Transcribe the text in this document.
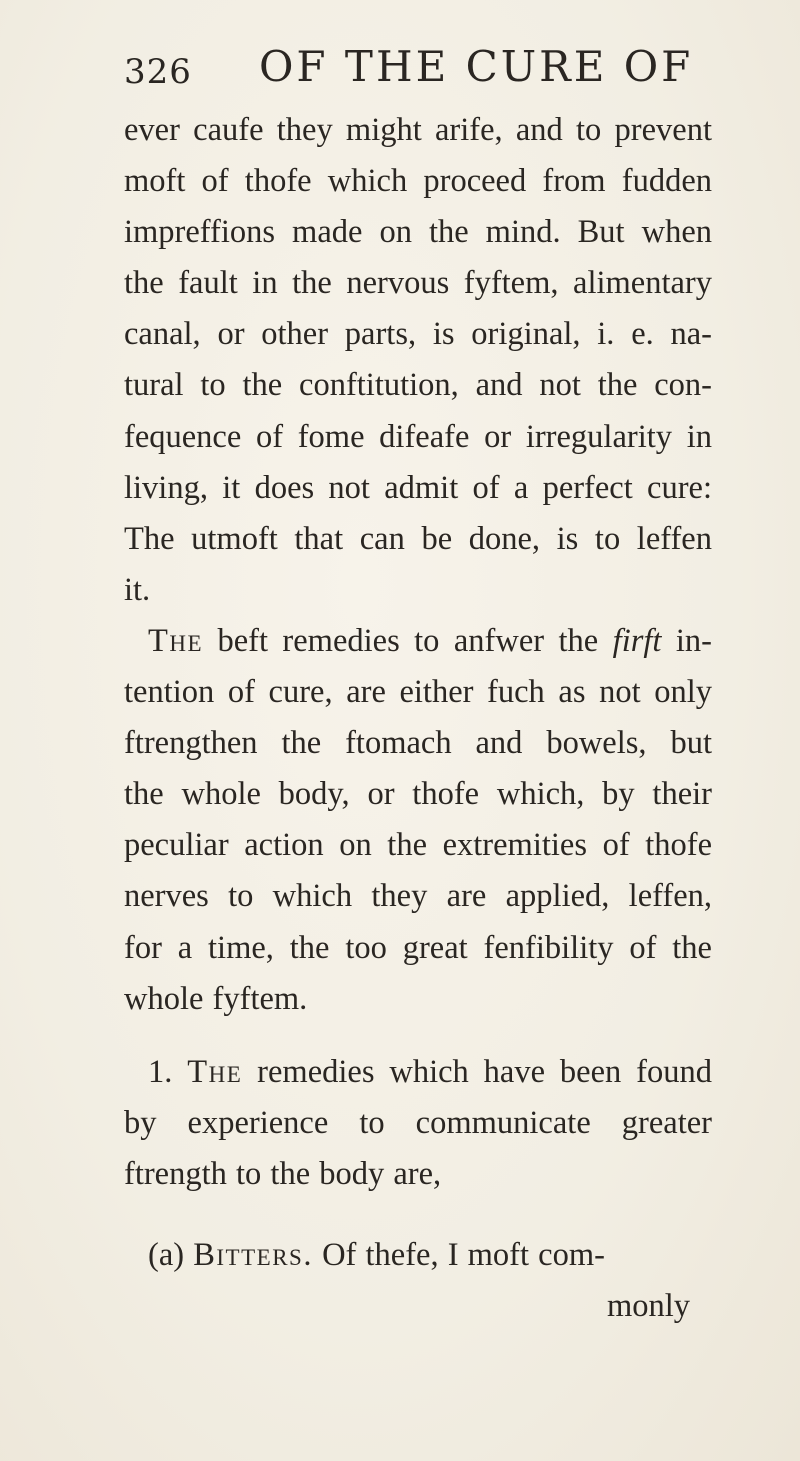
326 OF THE CURE OF
ever caufe they might arife, and to prevent
moft of thofe which proceed from fudden
impreffions made on the mind. But when
the fault in the nervous fyftem, alimentary
canal, or other parts, is original, i. e. na-
tural to the conftitution, and not the con-
fequence of fome difeafe or irregularity in
living, it does not admit of a perfect cure:
The utmoft that can be done, is to leffen
it.
The beft remedies to anfwer the firft in-
tention of cure, are either fuch as not only
ftrengthen the ftomach and bowels, but
the whole body, or thofe which, by their
peculiar action on the extremities of thofe
nerves to which they are applied, leffen,
for a time, the too great fenfibility of the
whole fyftem.
1. The remedies which have been found
by experience to communicate greater
ftrength to the body are,
(a) Bitters. Of thefe, I moft com-
monly
